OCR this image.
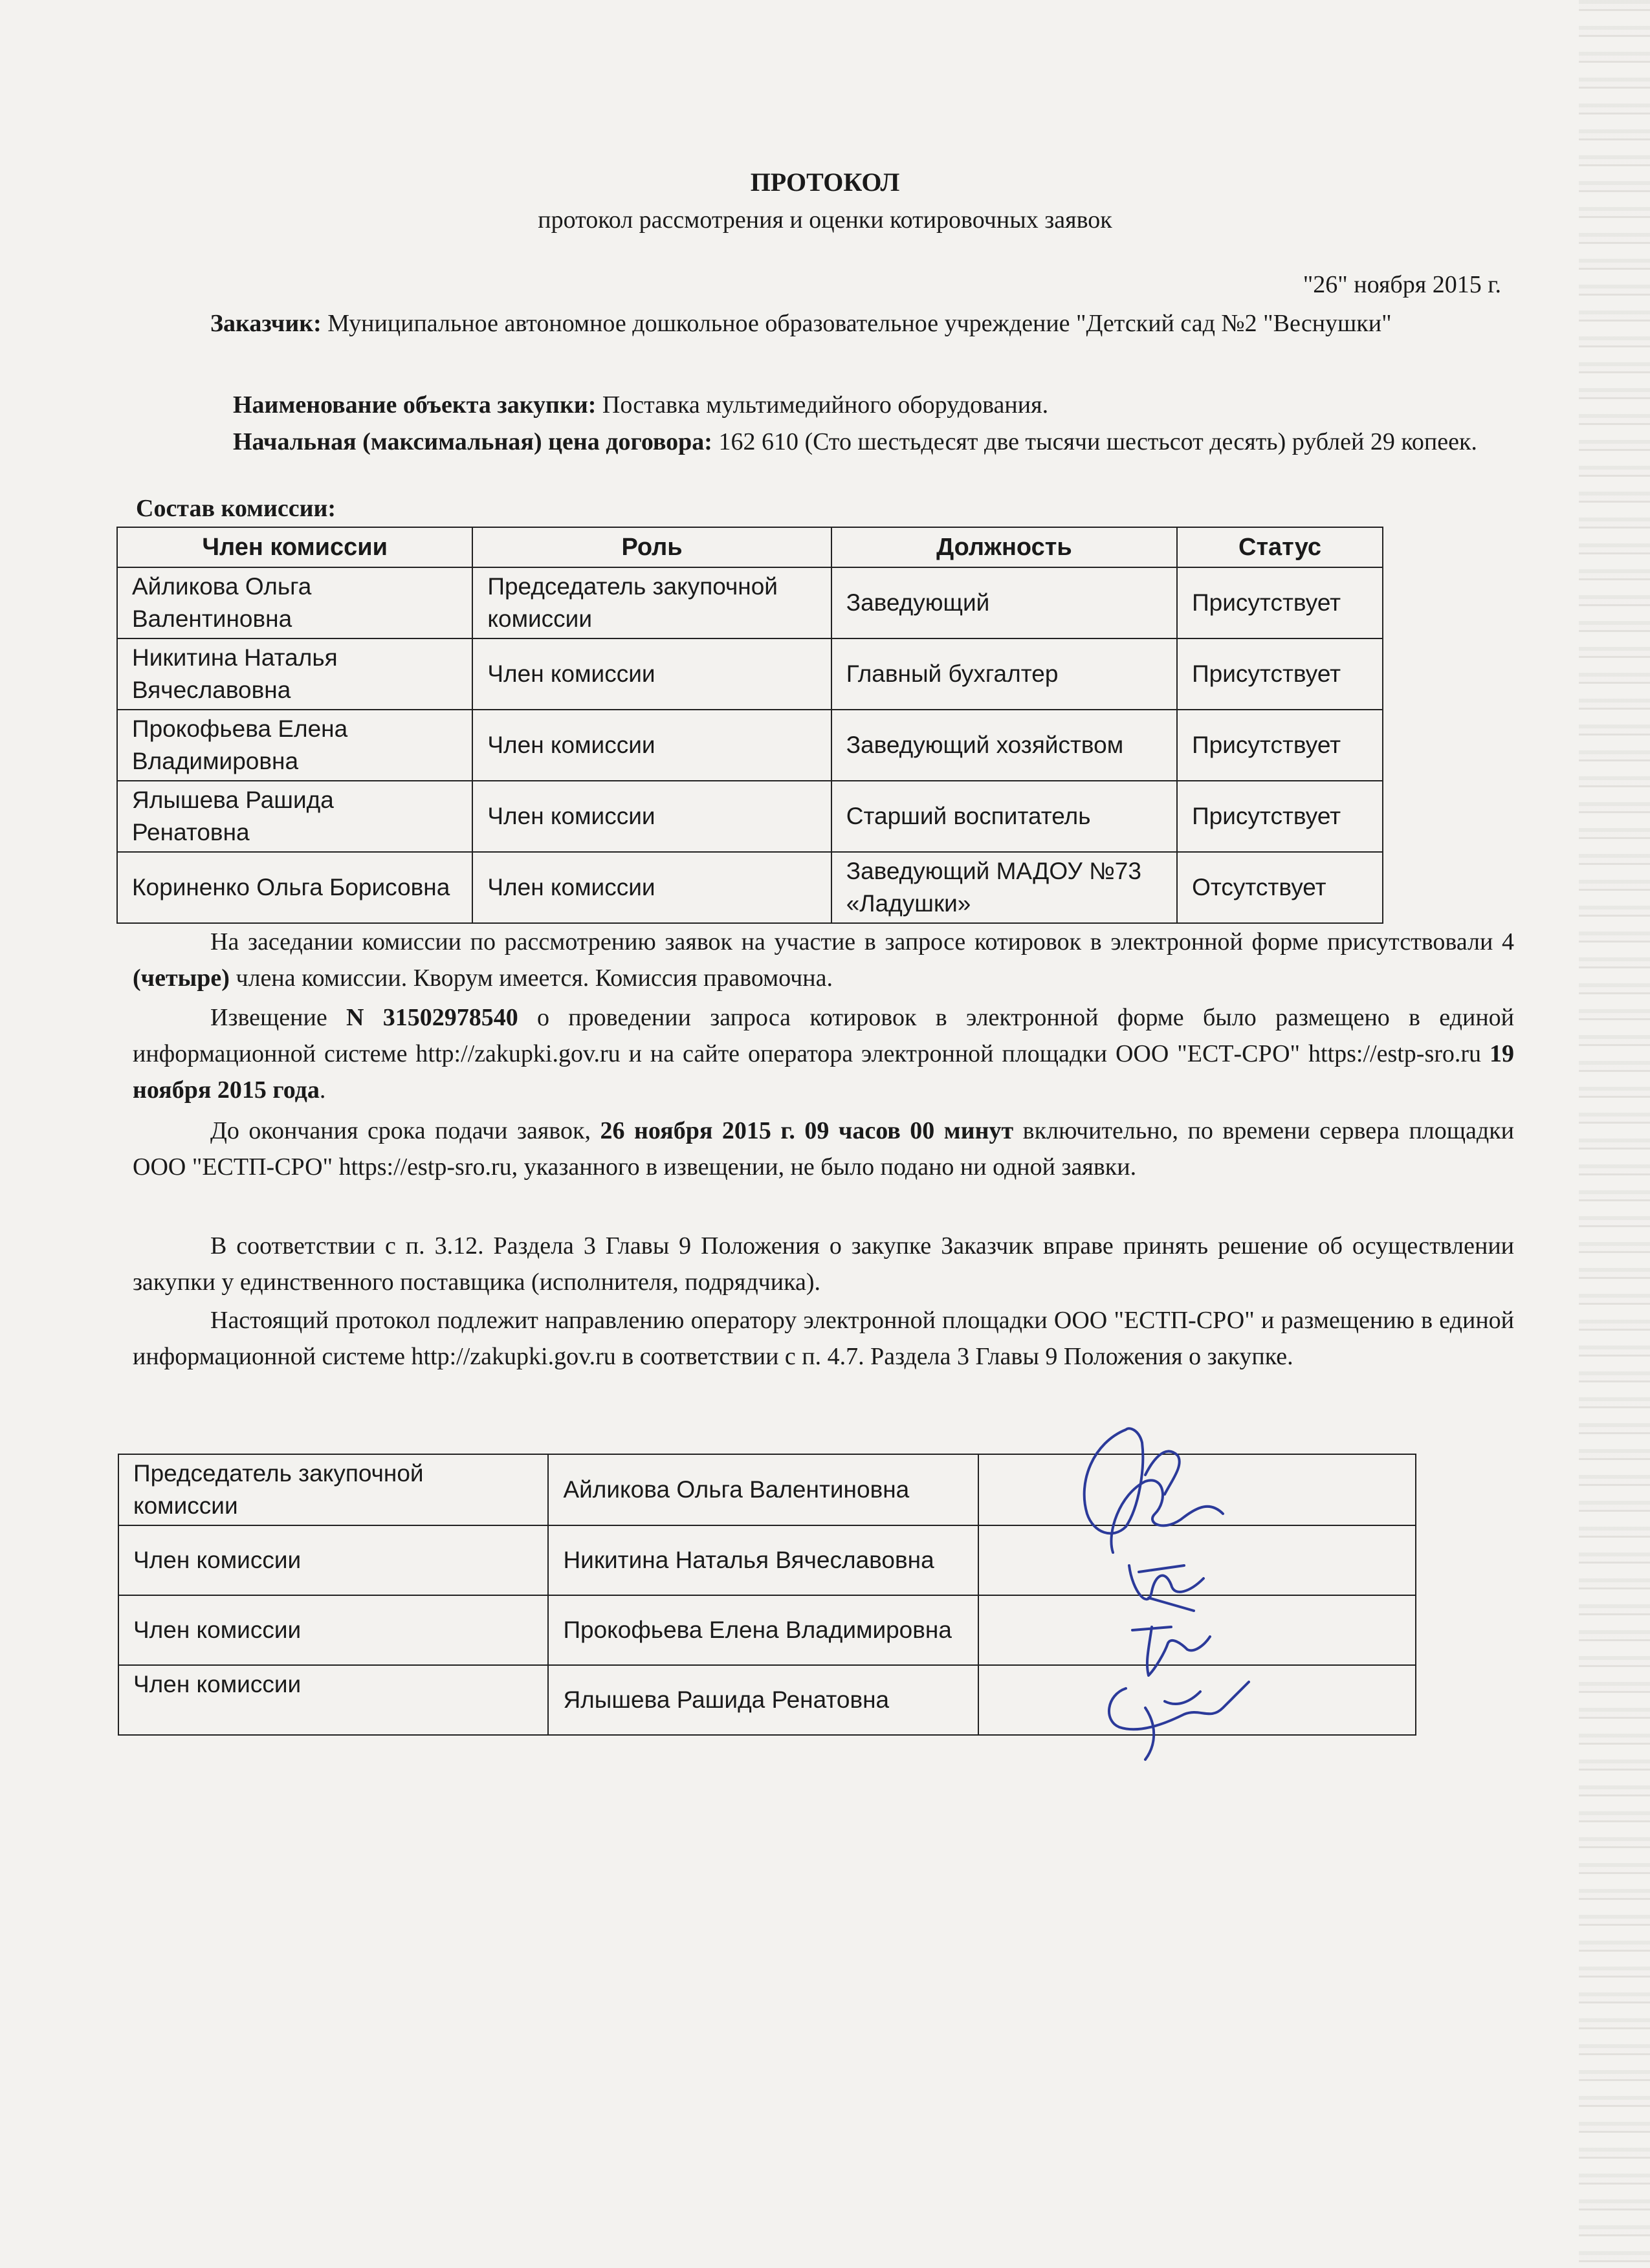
ПРОТОКОЛ
протокол рассмотрения и оценки котировочных заявок
"26" ноября 2015 г.
Заказчик: Муниципальное автономное дошкольное образовательное учреждение "Детский сад №2 "Веснушки"
Наименование объекта закупки: Поставка мультимедийного оборудования.
Начальная (максимальная) цена договора: 162 610 (Сто шестьдесят две тысячи шестьсот десять) рублей 29 копеек.
Состав комиссии:
Член комиссии	Роль	Должность	Статус
Айликова Ольга Валентиновна	Председатель закупочной комиссии	Заведующий	Присутствует
Никитина Наталья Вячеславовна	Член комиссии	Главный бухгалтер	Присутствует
Прокофьева Елена Владимировна	Член комиссии	Заведующий хозяйством	Присутствует
Ялышева Рашида Ренатовна	Член комиссии	Старший воспитатель	Присутствует
Кориненко Ольга Борисовна	Член комиссии	Заведующий МАДОУ №73 «Ладушки»	Отсутствует
На заседании комиссии по рассмотрению заявок на участие в запросе котировок в электронной форме присутствовали 4 (четыре) члена комиссии. Кворум имеется. Комиссия правомочна.
Извещение N 31502978540 о проведении запроса котировок в электронной форме было размещено в единой информационной системе http://zakupki.gov.ru и на сайте оператора электронной площадки ООО "ЕСТ-СРО" https://estp-sro.ru 19 ноября 2015 года.
До окончания срока подачи заявок, 26 ноября 2015 г. 09 часов 00 минут включительно, по времени сервера площадки ООО "ЕСТП-СРО" https://estp-sro.ru, указанного в извещении, не было подано ни одной заявки.
В соответствии с п. 3.12. Раздела 3 Главы 9 Положения о закупке Заказчик вправе принять решение об осуществлении закупки у единственного поставщика (исполнителя, подрядчика).
Настоящий протокол подлежит направлению оператору электронной площадки ООО "ЕСТП-СРО" и размещению в единой информационной системе http://zakupki.gov.ru в соответствии с п. 4.7. Раздела 3 Главы 9 Положения о закупке.
Председатель закупочной комиссии	Айликова Ольга Валентиновна	
Член комиссии	Никитина Наталья Вячеславовна	
Член комиссии	Прокофьева Елена Владимировна	
Член комиссии	Ялышева Рашида Ренатовна	
